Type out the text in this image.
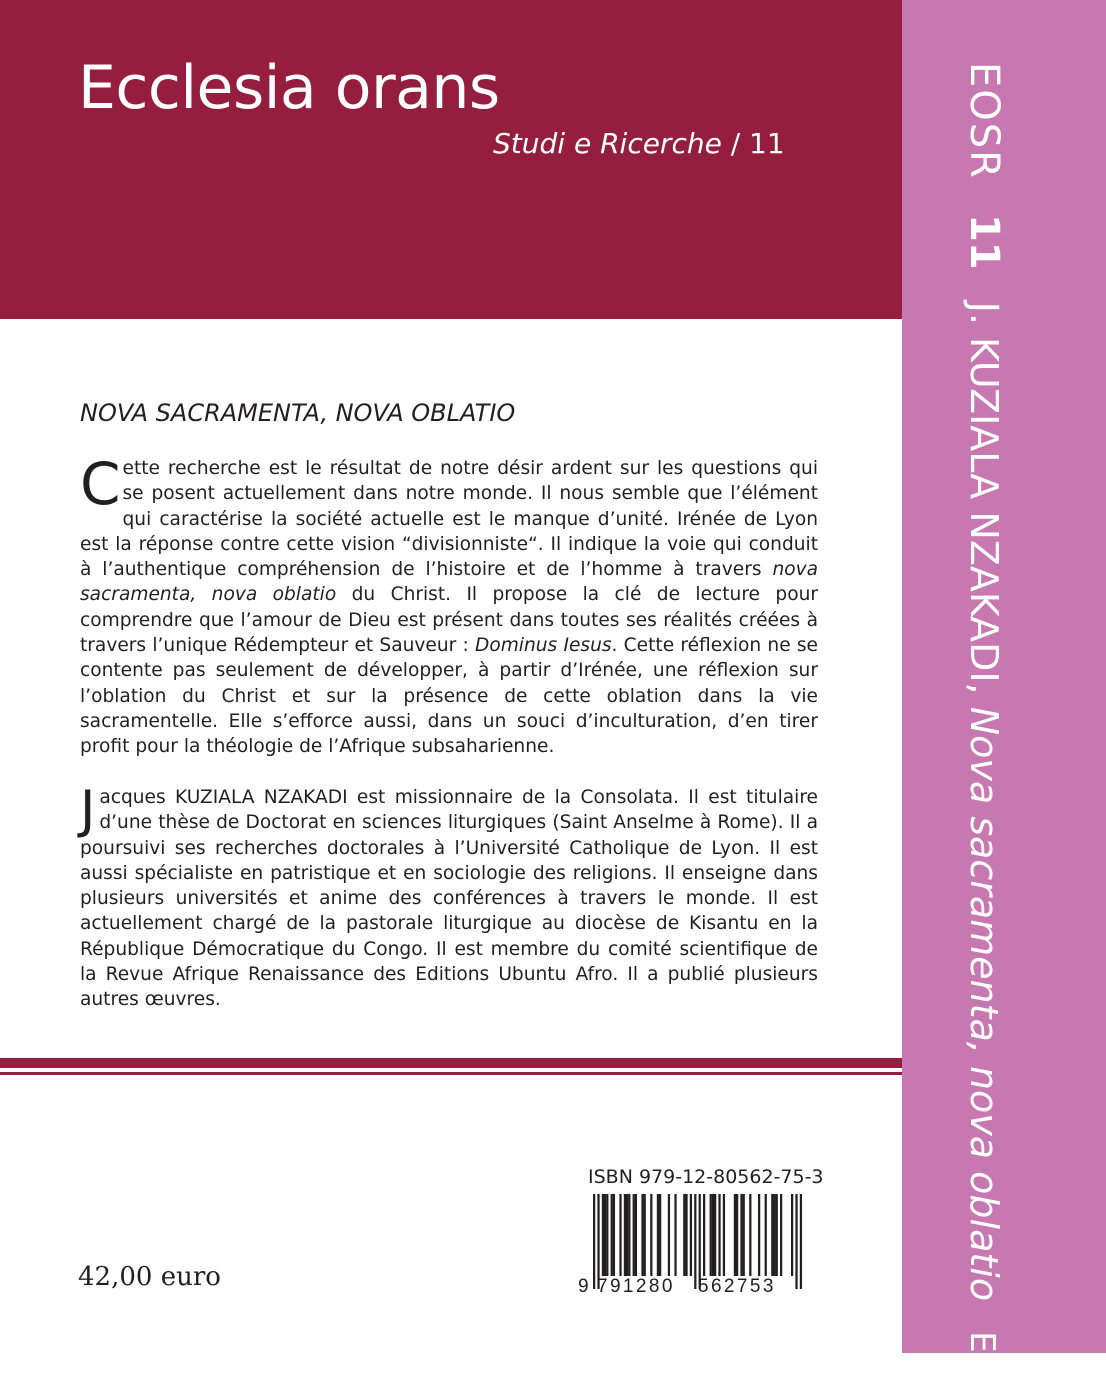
Ecclesia orans
Studi e Ricerche / 11	EOSR11J. KUZIALA NZAKADI, Nova sacramenta, nova oblatioEDI
NOVA SACRAMENTA, NOVA OBLATIO
Cette recherche est le résultat de notre désir ardent sur les questions qui se posent actuellement dans notre monde. Il nous semble que l’élément qui caractérise la société actuelle est le manque d’unité. Irénée de Lyon est la réponse contre cette vision “divisionniste“. Il indique la voie qui conduit à l’authentique compréhension de l’histoire et de l’homme à travers nova sacramenta, nova oblatio du Christ. Il propose la clé de lecture pour comprendre que l’amour de Dieu est présent dans toutes ses réalités créées à travers l’unique Rédempteur et Sauveur : Dominus Iesus. Cette réflexion ne se contente pas seulement de développer, à partir d’Irénée, une réflexion sur l’oblation du Christ et sur la présence de cette oblation dans la vie sacramentelle. Elle s’efforce aussi, dans un souci d’inculturation, d’en tirer profit pour la théologie de l’Afrique subsaharienne.
Jacques KUZIALA NZAKADI est missionnaire de la Consolata. Il est titulaire d’une thèse de Doctorat en sciences liturgiques (Saint Anselme à Rome). Il a poursuivi ses recherches doctorales à l’Université Catholique de Lyon. Il est aussi spécialiste en patristique et en sociologie des religions. Il enseigne dans plusieurs universités et anime des conférences à travers le monde. Il est actuellement chargé de la pastorale liturgique au diocèse de Kisantu en la République Démocratique du Congo. Il est membre du comité scientifique de la Revue Afrique Renaissance des Editions Ubuntu Afro. Il a publié plusieurs autres œuvres.
ISBN 979-12-80562-75-3
9 791280 562753
42,00 euro
